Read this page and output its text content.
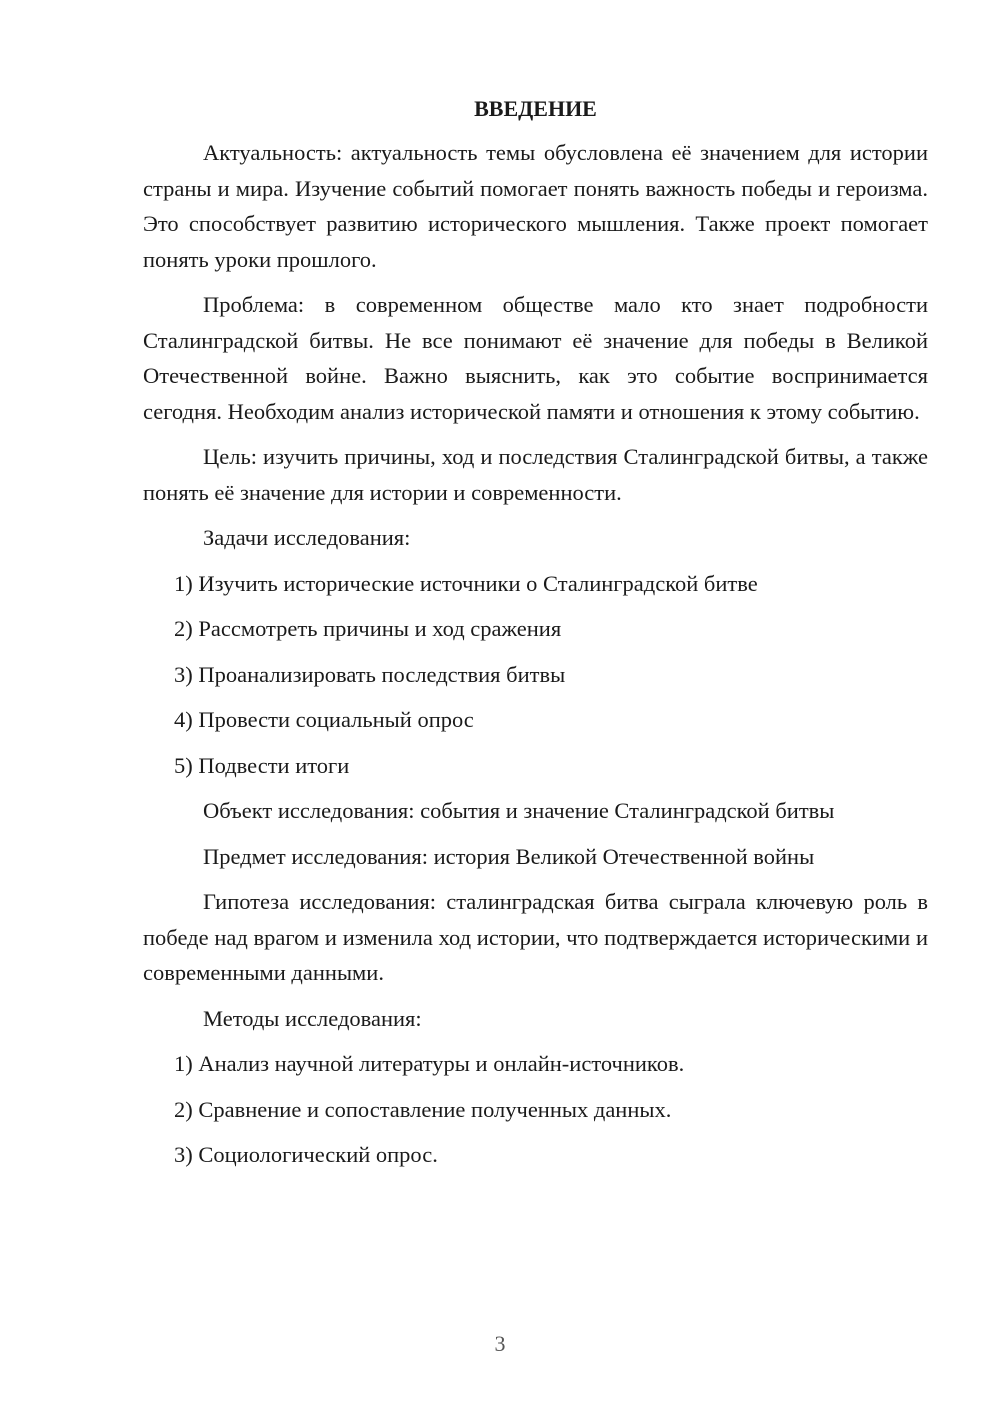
ВВЕДЕНИЕ
Актуальность: актуальность темы обусловлена её значением для истории страны и мира. Изучение событий помогает понять важность победы и героизма. Это способствует развитию исторического мышления. Также проект помогает понять уроки прошлого.
Проблема: в современном обществе мало кто знает подробности Сталинградской битвы. Не все понимают её значение для победы в Великой Отечественной войне. Важно выяснить, как это событие воспринимается сегодня. Необходим анализ исторической памяти и отношения к этому событию.
Цель: изучить причины, ход и последствия Сталинградской битвы, а также понять её значение для истории и современности.
Задачи исследования:
1) Изучить исторические источники о Сталинградской битве
2) Рассмотреть причины и ход сражения
3) Проанализировать последствия битвы
4) Провести социальный опрос
5) Подвести итоги
Объект исследования: события и значение Сталинградской битвы
Предмет исследования: история Великой Отечественной войны
Гипотеза исследования: сталинградская битва сыграла ключевую роль в победе над врагом и изменила ход истории, что подтверждается историческими и современными данными.
Методы исследования:
1) Анализ научной литературы и онлайн-источников.
2) Сравнение и сопоставление полученных данных.
3) Социологический опрос.
3
